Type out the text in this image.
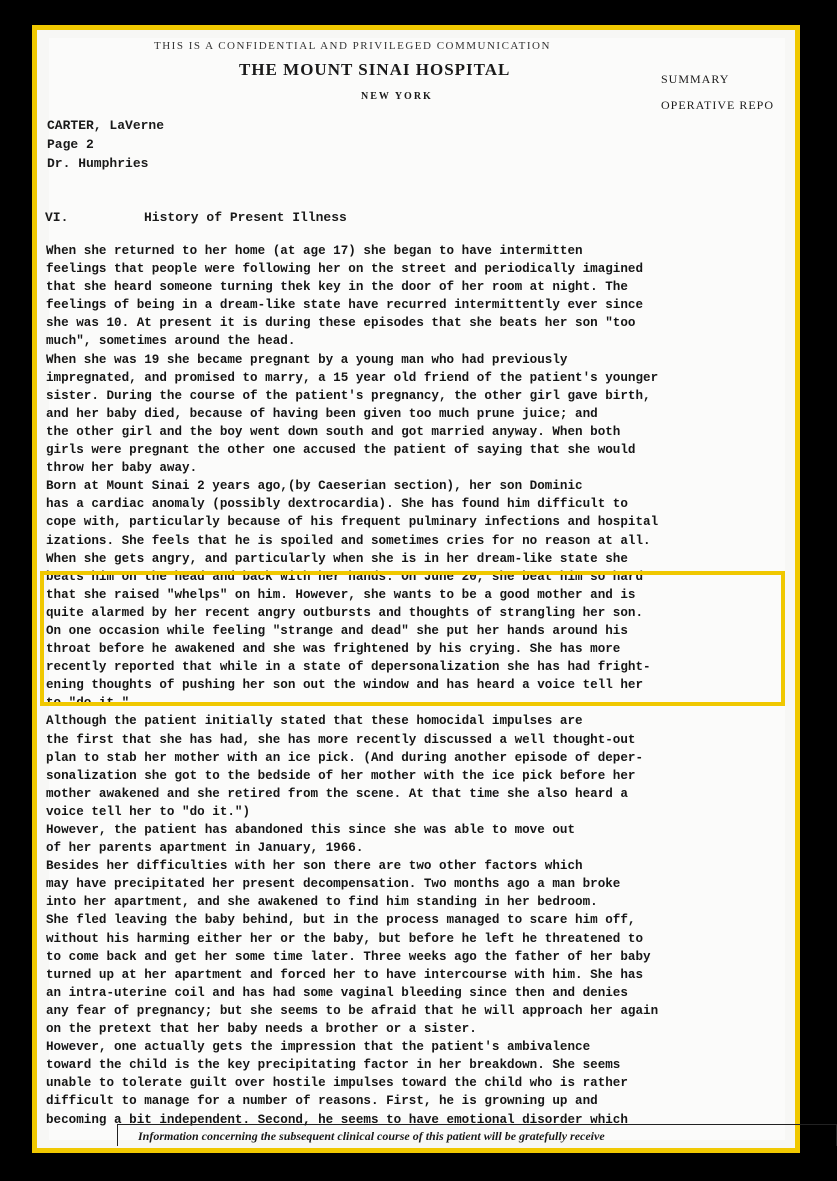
THIS IS A CONFIDENTIAL AND PRIVILEGED COMMUNICATION
THE MOUNT SINAI HOSPITAL
NEW YORK
SUMMARY
OPERATIVE REPO
CARTER, LaVerne
Page 2
Dr. Humphries
VI.	History of Present Illness
When she returned to her home (at age 17) she began to have intermitten
feelings that people were following her on the street and periodically imagined
that she heard someone turning thek key in the door of her room at night. The
feelings of being in a dream-like state have recurred intermittently ever since
she was 10. At present it is during these episodes that she beats her son "too
much", sometimes around the head.
When she was 19 she became pregnant by a young man who had previously
impregnated, and promised to marry, a 15 year old friend of the patient's younger
sister. During the course of the patient's pregnancy, the other girl gave birth,
and her baby died, because of having been given too much prune juice; and
the other girl and the boy went down south and got married anyway. When both
girls were pregnant the other one accused the patient of saying that she would
throw her baby away.
Born at Mount Sinai 2 years ago,(by Caeserian section), her son Dominic
has a cardiac anomaly (possibly dextrocardia). She has found him difficult to
cope with, particularly because of his frequent pulminary infections and hospital
izations. She feels that he is spoiled and sometimes cries for no reason at all.
When she gets angry, and particularly when she is in her dream-like state she
beats him on the head and back with her hands. On June 20, she beat him so hard
that she raised "whelps" on him. However, she wants to be a good mother and is
quite alarmed by her recent angry outbursts and thoughts of strangling her son.
On one occasion while feeling "strange and dead" she put her hands around his
throat before he awakened and she was frightened by his crying. She has more
recently reported that while in a state of depersonalization she has had fright-
ening thoughts of pushing her son out the window and has heard a voice tell her
to "do it."
Although the patient initially stated that these homocidal impulses are
the first that she has had, she has more recently discussed a well thought-out
plan to stab her mother with an ice pick. (And during another episode of deper-
sonalization she got to the bedside of her mother with the ice pick before her
mother awakened and she retired from the scene. At that time she also heard a
voice tell her to "do it.")
However, the patient has abandoned this since she was able to move out
of her parents apartment in January, 1966.
Besides her difficulties with her son there are two other factors which
may have precipitated her present decompensation. Two months ago a man broke
into her apartment, and she awakened to find him standing in her bedroom.
She fled leaving the baby behind, but in the process managed to scare him off,
without his harming either her or the baby, but before he left he threatened to
to come back and get her some time later. Three weeks ago the father of her baby
turned up at her apartment and forced her to have intercourse with him. She has
an intra-uterine coil and has had some vaginal bleeding since then and denies
any fear of pregnancy; but she seems to be afraid that he will approach her again
on the pretext that her baby needs a brother or a sister.
However, one actually gets the impression that the patient's ambivalence
toward the child is the key precipitating factor in her breakdown. She seems
unable to tolerate guilt over hostile impulses toward the child who is rather
difficult to manage for a number of reasons. First, he is growning up and
becoming a bit independent. Second, he seems to have emotional disorder which
Information concerning the subsequent clinical course of this patient will be gratefully receive
